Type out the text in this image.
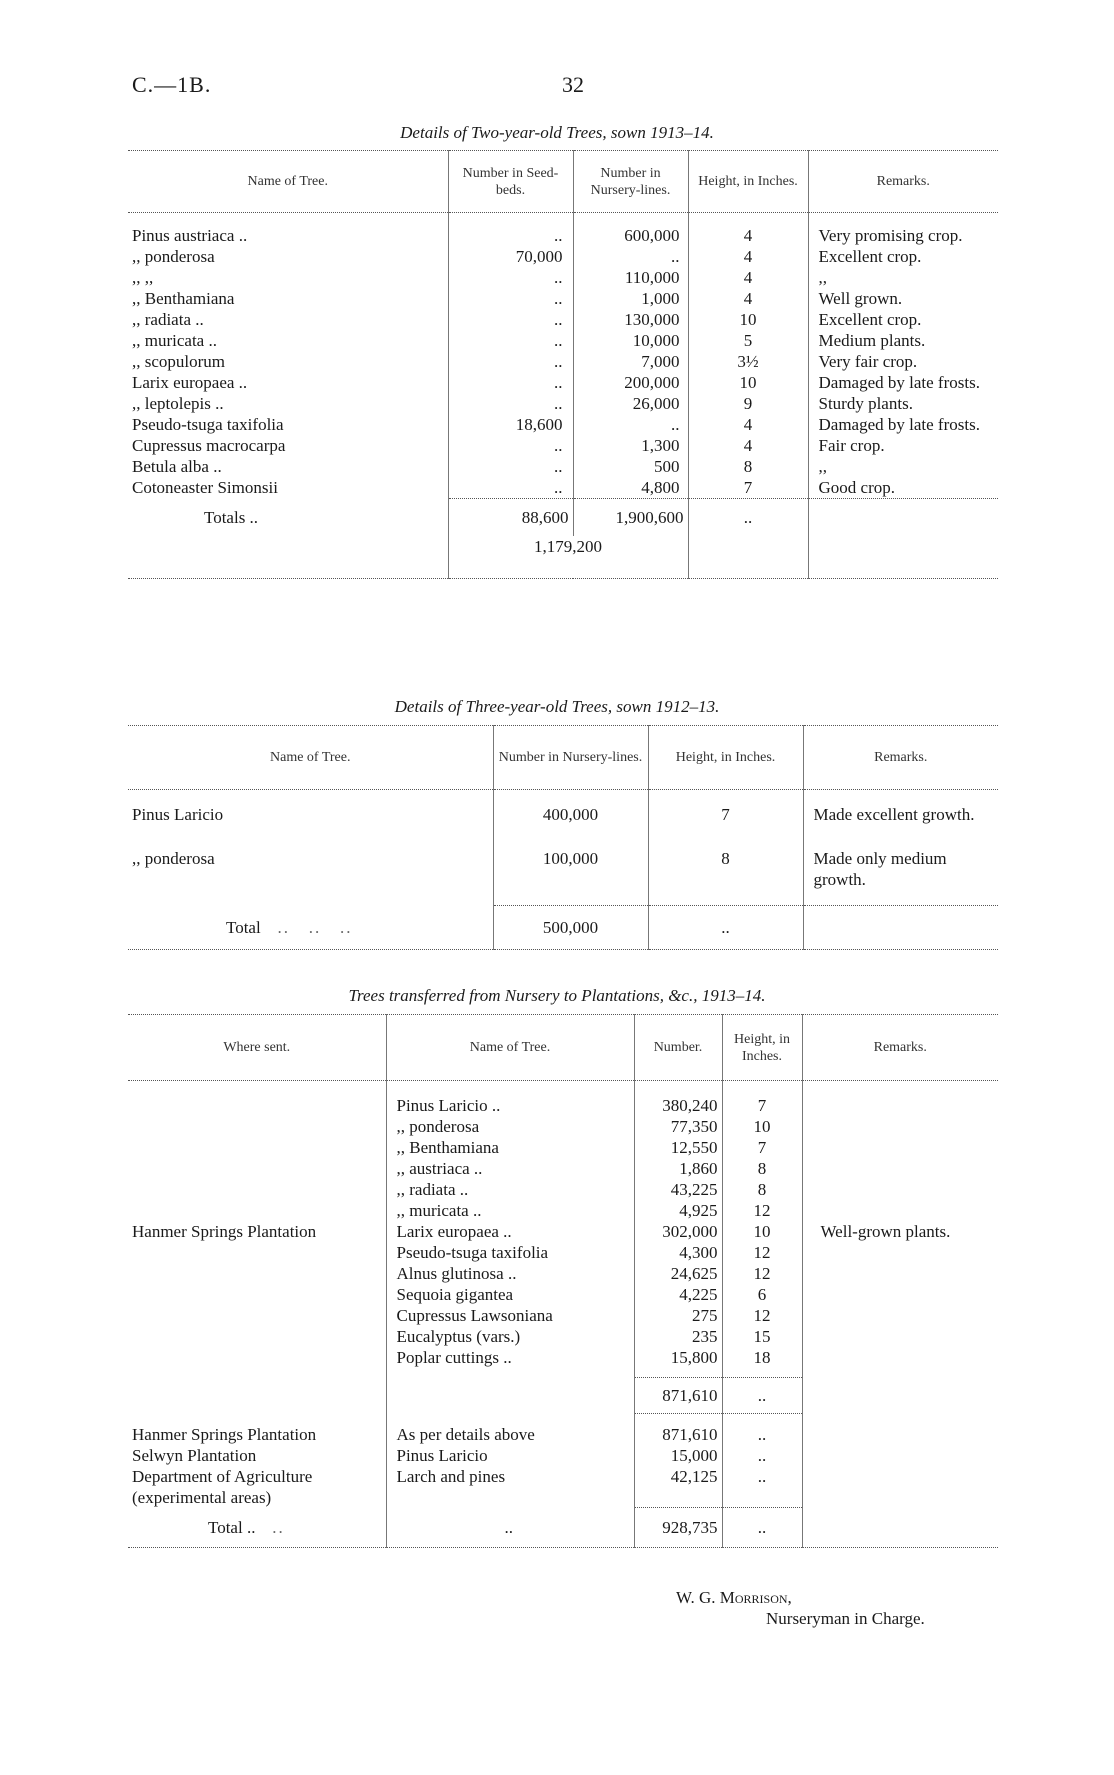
C.—1B.	32
Details of Two-year-old Trees, sown 1913–14.
Name of Tree.	Number in Seed-beds.	Number in Nursery-lines.	Height, in Inches.	Remarks.

Pinus austriaca ..	..	600,000	4	Very promising crop.
,, ponderosa	70,000	..	4	Excellent crop.
,, ,,	..	110,000	4	,,
,, Benthamiana	..	1,000	4	Well grown.
,, radiata ..	..	130,000	10	Excellent crop.
,, muricata ..	..	10,000	5	Medium plants.
,, scopulorum	..	7,000	3½	Very fair crop.
Larix europaea ..	..	200,000	10	Damaged by late frosts.
,, leptolepis ..	..	26,000	9	Sturdy plants.
Pseudo-tsuga taxifolia	18,600	..	4	Damaged by late frosts.
Cupressus macrocarpa	..	1,300	4	Fair crop.
Betula alba ..	..	500	8	,,
Cotoneaster Simonsii	..	4,800	7	Good crop.
Totals ..	88,600	1,900,600	..	
	1,179,200			
Details of Three-year-old Trees, sown 1912–13.
Name of Tree.	Number in Nursery-lines.	Height, in Inches.	Remarks.

Pinus Laricio	400,000	7	Made excellent growth.
,, ponderosa	100,000	8	Made only medium growth.

Total   ..   ..   ..	500,000	..	
Trees transferred from Nursery to Plantations, &c., 1913–14.
Where sent.	Name of Tree.	Number.	Height, in Inches.	Remarks.

Hanmer Springs Plantation	Pinus Laricio ..	380,240	7	Well-grown plants.
	,, ponderosa	77,350	10	
	,, Benthamiana	12,550	7	
	,, austriaca ..	1,860	8	
	,, radiata ..	43,225	8	
	,, muricata ..	4,925	12	
	Larix europaea ..	302,000	10	
	Pseudo-tsuga taxifolia	4,300	12	
	Alnus glutinosa ..	24,625	12	
	Sequoia gigantea	4,225	6	
	Cupressus Lawsoniana	275	12	
	Eucalyptus (vars.)	235	15	
	Poplar cuttings ..	15,800	18	

		871,610	..	

Hanmer Springs Plantation	As per details above	871,610	..	
Selwyn Plantation	Pinus Laricio	15,000	..	
Department of Agriculture (experimental areas)	Larch and pines	42,125	..	
Total ..   ..	..	928,735	..	
W. G. Morrison,
Nurseryman in Charge.
